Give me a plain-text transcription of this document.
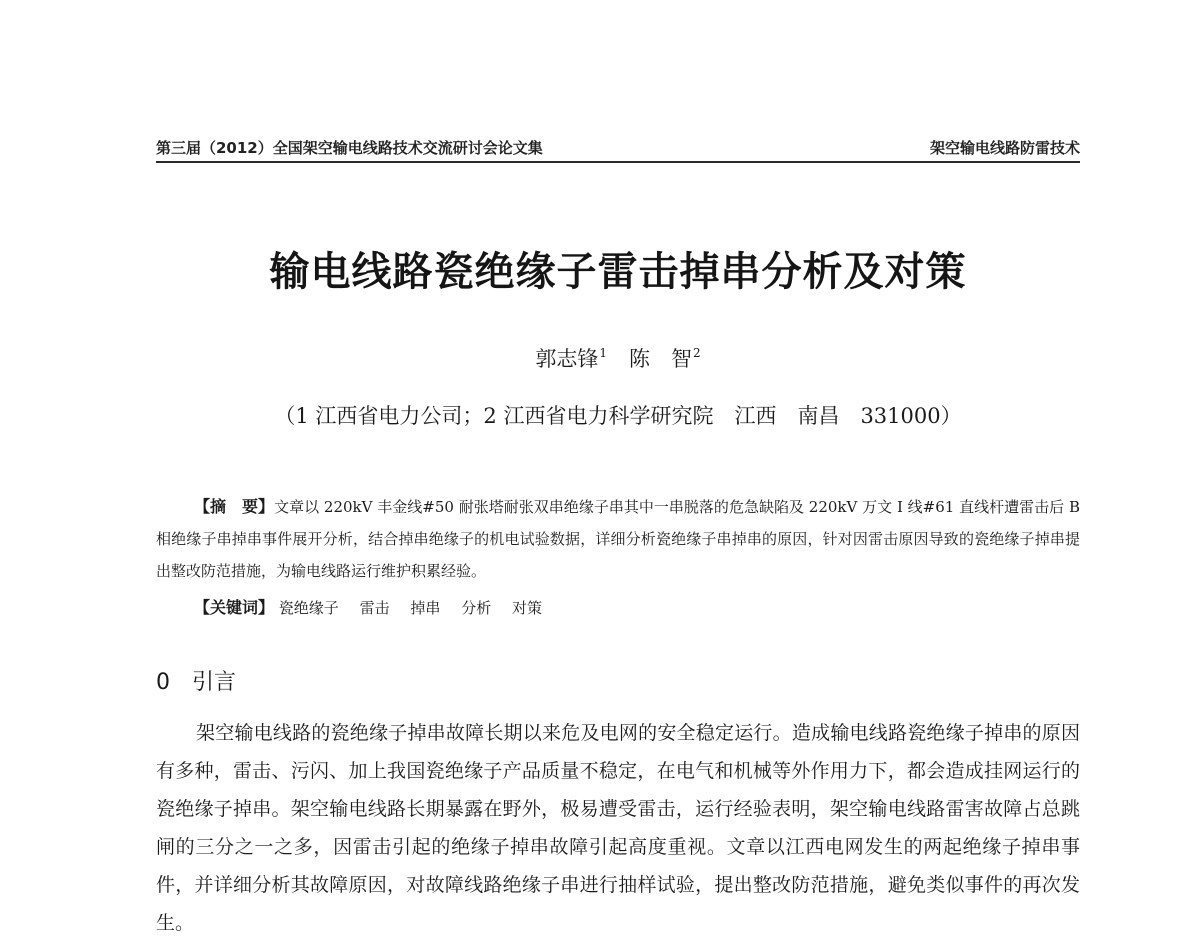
第三届（2012）全国架空输电线路技术交流研讨会论文集	架空输电线路防雷技术
输电线路瓷绝缘子雷击掉串分析及对策
郭志锋$^1$ 陈　智$^2$
（1 江西省电力公司；2 江西省电力科学研究院　江西　南昌　331000）
【摘　要】文章以 220kV 丰金线#50 耐张塔耐张双串绝缘子串其中一串脱落的危急缺陷及 220kV 万文 I 线#61 直线杆遭雷击后 B 相绝缘子串掉串事件展开分析，结合掉串绝缘子的机电试验数据，详细分析瓷绝缘子串掉串的原因，针对因雷击原因导致的瓷绝缘子掉串提出整改防范措施，为输电线路运行维护积累经验。
【关键词】 瓷绝缘子 雷击 掉串 分析 对策
0 引言
架空输电线路的瓷绝缘子掉串故障长期以来危及电网的安全稳定运行。造成输电线路瓷绝缘子掉串的原因有多种，雷击、污闪、加上我国瓷绝缘子产品质量不稳定，在电气和机械等外作用力下，都会造成挂网运行的瓷绝缘子掉串。架空输电线路长期暴露在野外，极易遭受雷击，运行经验表明，架空输电线路雷害故障占总跳闸的三分之一之多，因雷击引起的绝缘子掉串故障引起高度重视。文章以江西电网发生的两起绝缘子掉串事件，并详细分析其故障原因，对故障线路绝缘子串进行抽样试验，提出整改防范措施，避免类似事件的再次发生。
